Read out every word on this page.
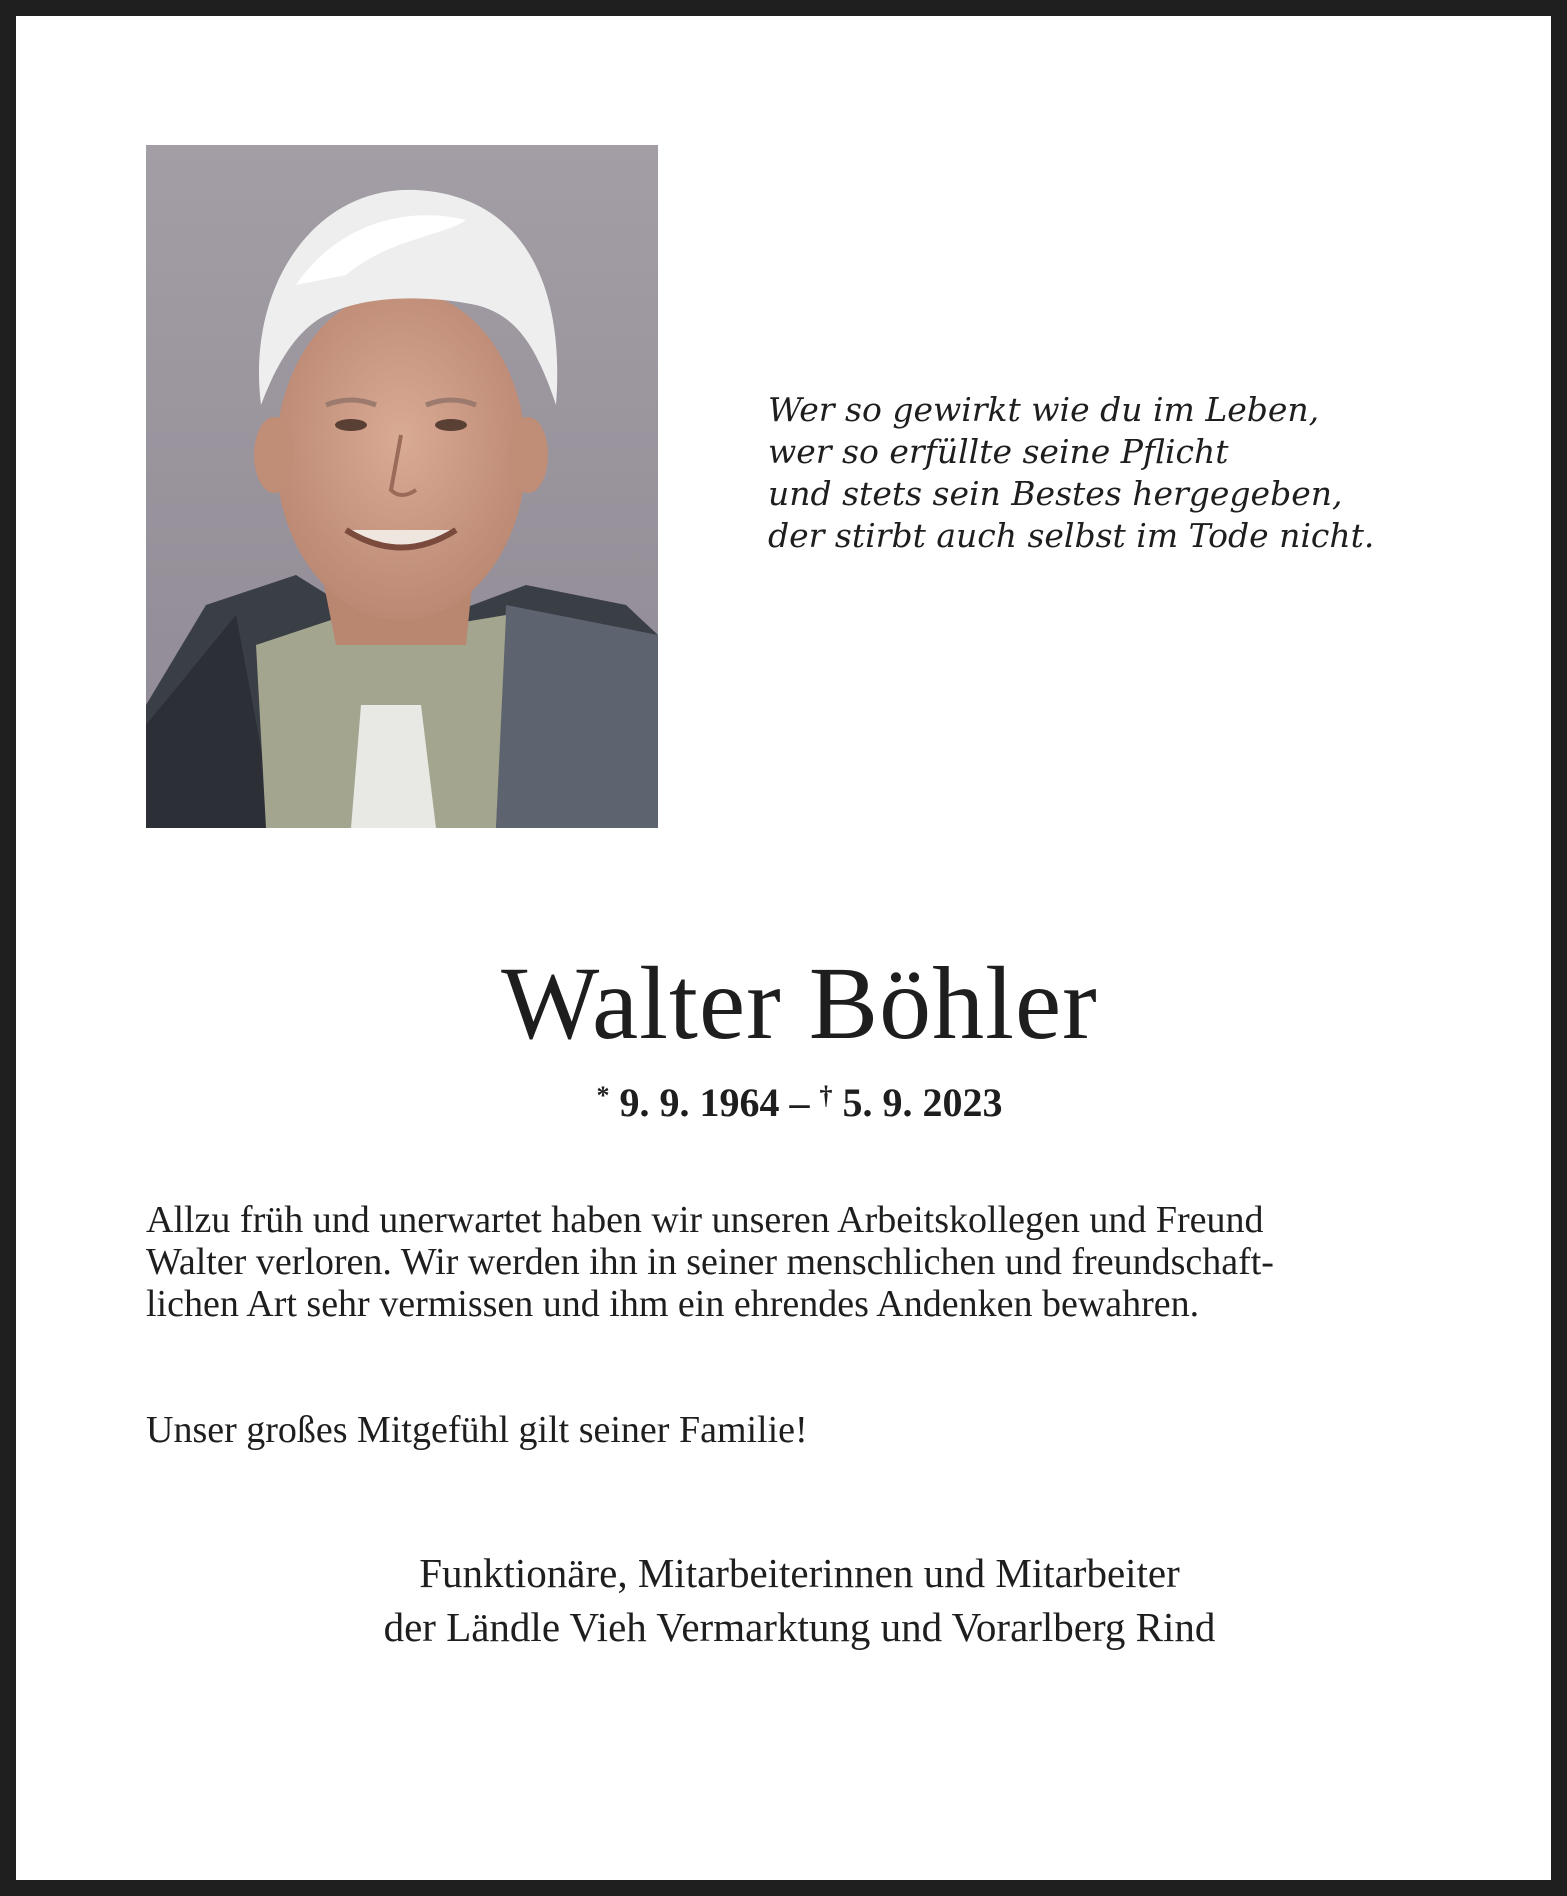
Wer so gewirkt wie du im Leben,
wer so erfüllte seine Pflicht
und stets sein Bestes hergegeben,
der stirbt auch selbst im Tode nicht.
Walter Böhler
* 9. 9. 1964 – † 5. 9. 2023
Allzu früh und unerwartet haben wir unseren Arbeitskollegen und Freund
Walter verloren. Wir werden ihn in seiner menschlichen und freundschaft-
lichen Art sehr vermissen und ihm ein ehrendes Andenken bewahren.
Unser großes Mitgefühl gilt seiner Familie!
Funktionäre, Mitarbeiterinnen und Mitarbeiter
der Ländle Vieh Vermarktung und Vorarlberg Rind
